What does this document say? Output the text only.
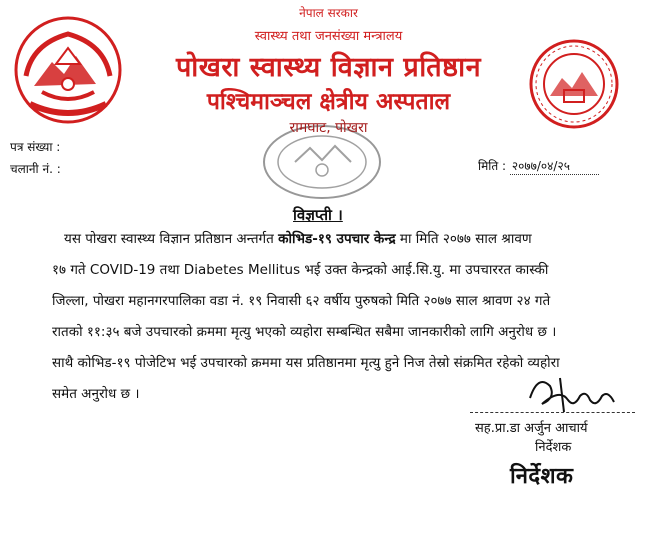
नेपाल सरकार
स्वास्थ्य तथा जनसंख्या मन्त्रालय
पोखरा स्वास्थ्य विज्ञान प्रतिष्ठान
पश्चिमाञ्चल क्षेत्रीय अस्पताल
रामघाट, पोखरा
पत्र संख्या :
चलानी नं. :	मिति : २०७७/०४/२५
विज्ञप्ती ।
यस पोखरा स्वास्थ्य विज्ञान प्रतिष्ठान अन्तर्गत कोभिड-१९ उपचार केन्द्र मा मिति २०७७ साल श्रावण
१७ गते COVID-19 तथा Diabetes Mellitus भई उक्त केन्द्रको आई.सि.यु. मा उपचाररत कास्की
जिल्ला, पोखरा महानगरपालिका वडा नं. १९ निवासी ६२ वर्षीय पुरुषको मिति २०७७ साल श्रावण २४ गते
रातको ११:३५ बजे उपचारको क्रममा मृत्यु भएको व्यहोरा सम्बन्धित सबैमा जानकारीको लागि अनुरोध छ ।
साथै कोभिड-१९ पोजेटिभ भई उपचारको क्रममा यस प्रतिष्ठानमा मृत्यु हुने निज तेस्रो संक्रमित रहेको व्यहोरा
समेत अनुरोध छ ।
सह.प्रा.डा अर्जुन आचार्य
निर्देशक
निर्देशक
